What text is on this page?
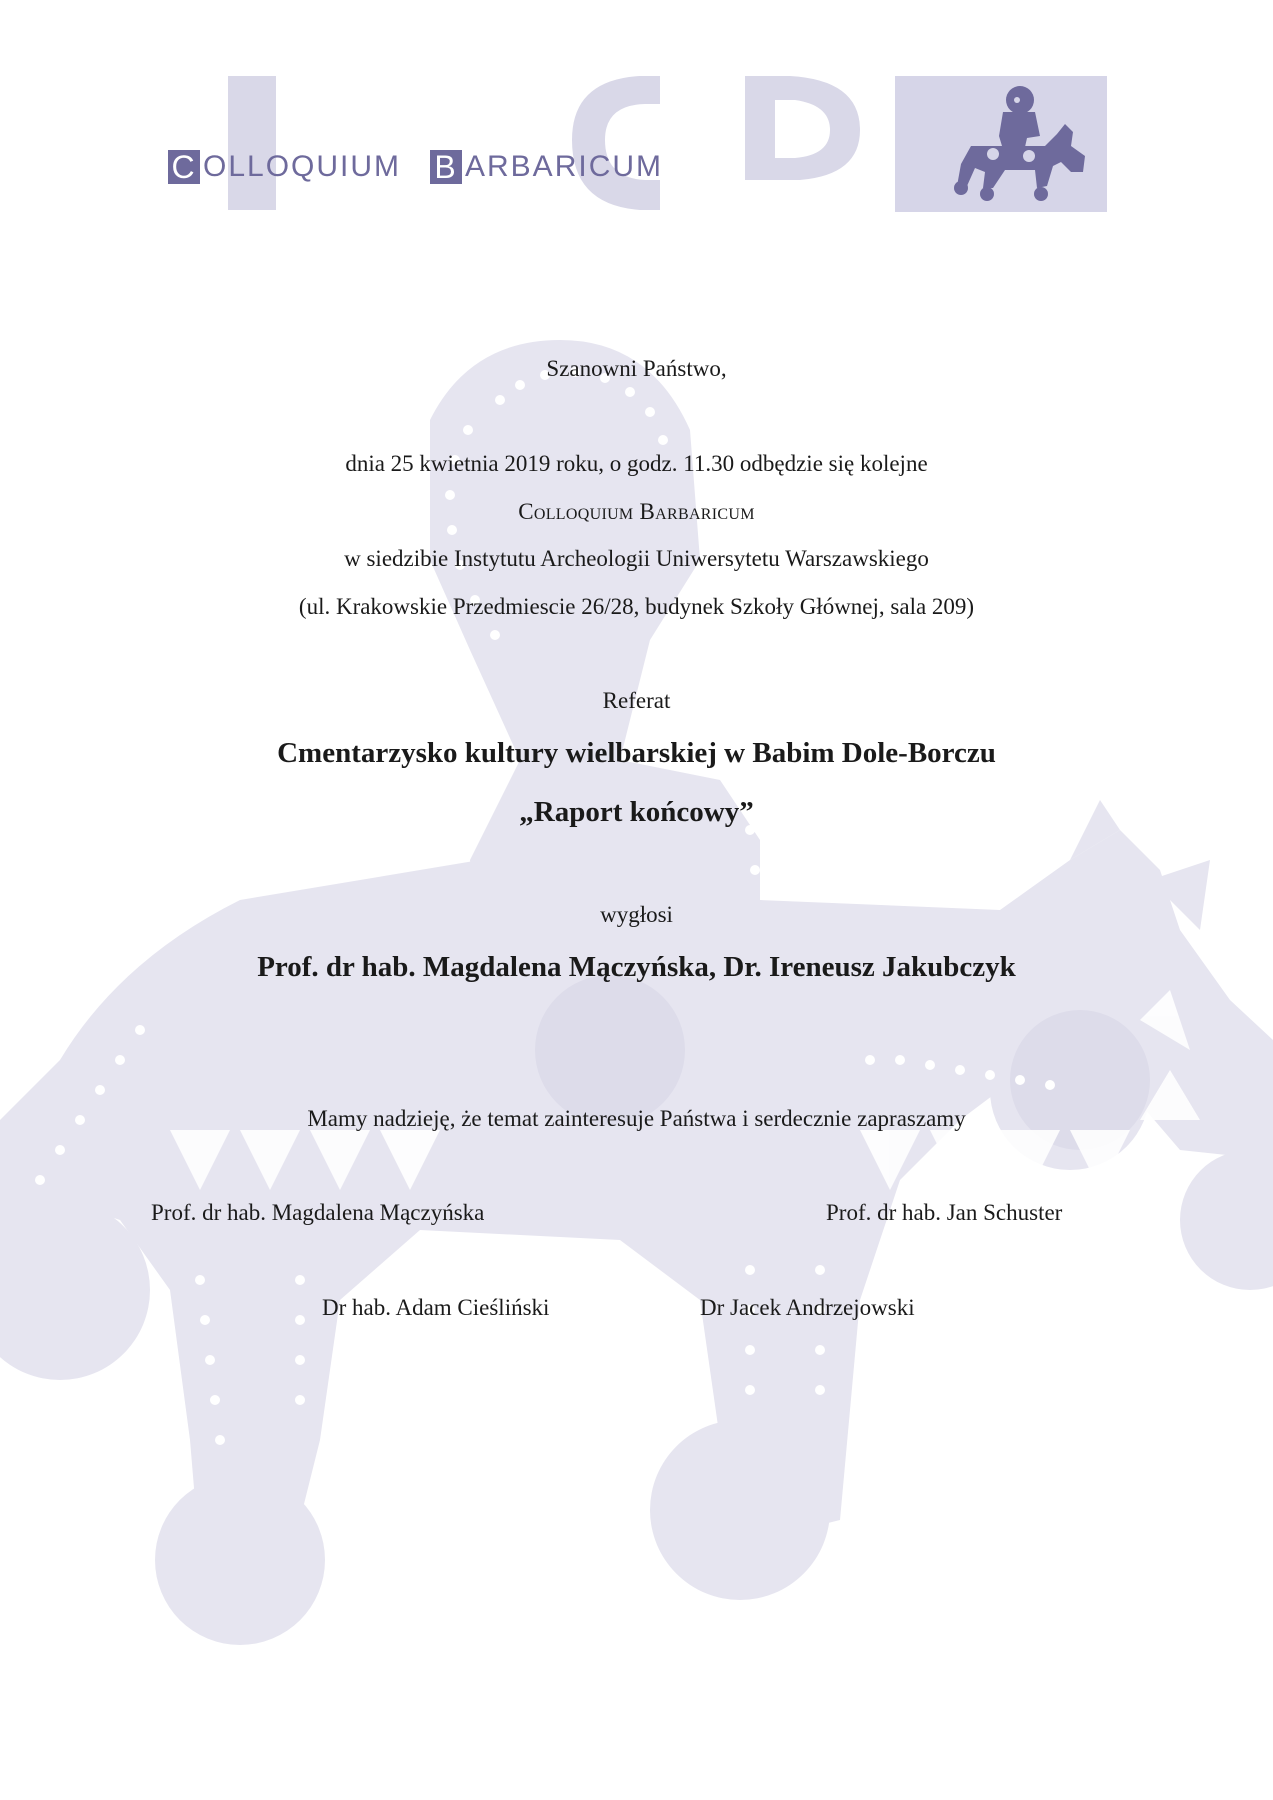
C OLLOQUIUM B ARBARICUM
Szanowni Państwo,
dnia 25 kwietnia 2019 roku, o godz. 11.30 odbędzie się kolejne
Colloquium Barbaricum
w siedzibie Instytutu Archeologii Uniwersytetu Warszawskiego
(ul. Krakowskie Przedmiescie 26/28, budynek Szkoły Głównej, sala 209)
Referat
Cmentarzysko kultury wielbarskiej w Babim Dole-Borczu
„Raport końcowy”
wygłosi
Prof. dr hab. Magdalena Mączyńska, Dr. Ireneusz Jakubczyk
Mamy nadzieję, że temat zainteresuje Państwa i serdecznie zapraszamy
Prof. dr hab. Magdalena Mączyńska	Prof. dr hab. Jan Schuster
Dr hab. Adam Cieśliński	Dr Jacek Andrzejowski
